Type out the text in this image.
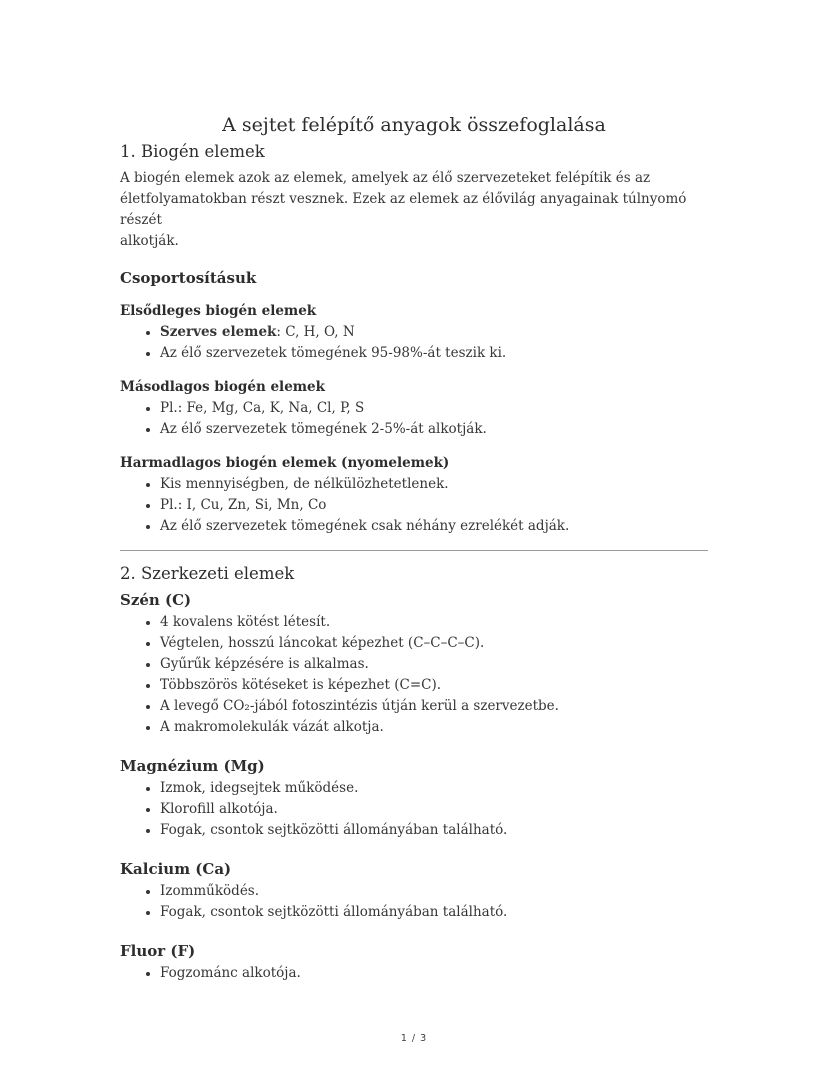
A sejtet felépítő anyagok összefoglalása
1. Biogén elemek

A biogén elemek azok az elemek, amelyek az élő szervezeteket felépítik és az
életfolyamatokban részt vesznek. Ezek az elemek az élővilág anyagainak túlnyomó részét
alkotják.

Csoportosításuk
Elsődleges biogén elemek
• Szerves elemek: C, H, O, N
• Az élő szervezetek tömegének 95-98%-át teszik ki.
Másodlagos biogén elemek
• Pl.: Fe, Mg, Ca, K, Na, Cl, P, S
• Az élő szervezetek tömegének 2-5%-át alkotják.
Harmadlagos biogén elemek (nyomelemek)
• Kis mennyiségben, de nélkülözhetetlenek.
• Pl.: I, Cu, Zn, Si, Mn, Co
• Az élő szervezetek tömegének csak néhány ezrelékét adják.
2. Szerkezeti elemek
Szén (C)
• 4 kovalens kötést létesít.
• Végtelen, hosszú láncokat képezhet (C–C–C–C).
• Gyűrűk képzésére is alkalmas.
• Többszörös kötéseket is képezhet (C=C).
• A levegő CO₂-jából fotoszintézis útján kerül a szervezetbe.
• A makromolekulák vázát alkotja.
Magnézium (Mg)
• Izmok, idegsejtek működése.
• Klorofill alkotója.
• Fogak, csontok sejtközötti állományában található.
Kalcium (Ca)
• Izomműködés.
• Fogak, csontok sejtközötti állományában található.
Fluor (F)
• Fogzománc alkotója.
1 / 3
